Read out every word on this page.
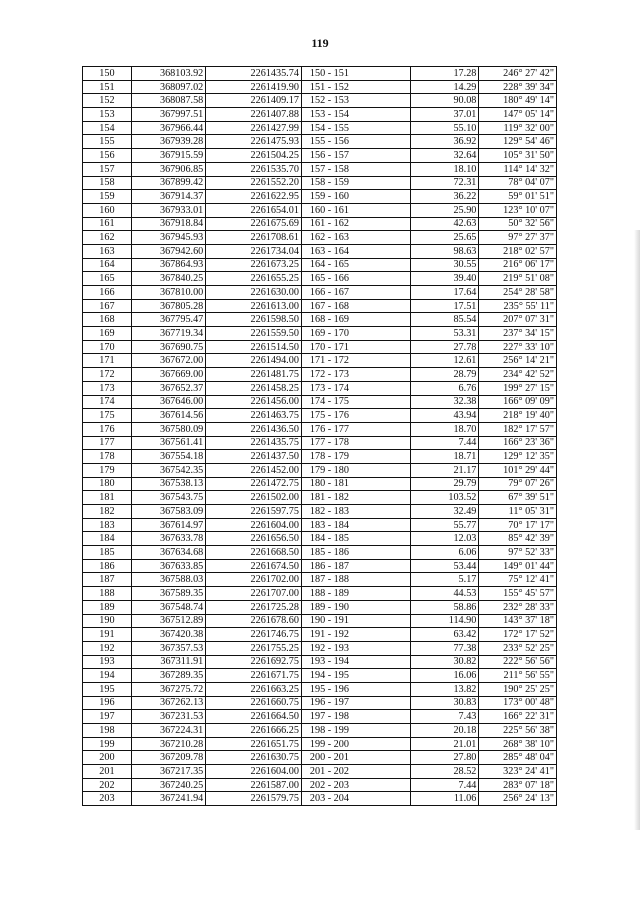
119
150	368103.92	2261435.74	150 - 151	17.28	246° 27' 42"
151	368097.02	2261419.90	151 - 152	14.29	228° 39' 34"
152	368087.58	2261409.17	152 - 153	90.08	180° 49' 14"
153	367997.51	2261407.88	153 - 154	37.01	147° 05' 14"
154	367966.44	2261427.99	154 - 155	55.10	119° 32' 00"
155	367939.28	2261475.93	155 - 156	36.92	129° 54' 46"
156	367915.59	2261504.25	156 - 157	32.64	105° 31' 50"
157	367906.85	2261535.70	157 - 158	18.10	114° 14' 32"
158	367899.42	2261552.20	158 - 159	72.31	78° 04' 07"
159	367914.37	2261622.95	159 - 160	36.22	59° 01' 51"
160	367933.01	2261654.01	160 - 161	25.90	123° 10' 07"
161	367918.84	2261675.69	161 - 162	42.63	50° 32' 56"
162	367945.93	2261708.61	162 - 163	25.65	97° 27' 37"
163	367942.60	2261734.04	163 - 164	98.63	218° 02' 57"
164	367864.93	2261673.25	164 - 165	30.55	216° 06' 17"
165	367840.25	2261655.25	165 - 166	39.40	219° 51' 08"
166	367810.00	2261630.00	166 - 167	17.64	254° 28' 58"
167	367805.28	2261613.00	167 - 168	17.51	235° 55' 11"
168	367795.47	2261598.50	168 - 169	85.54	207° 07' 31"
169	367719.34	2261559.50	169 - 170	53.31	237° 34' 15"
170	367690.75	2261514.50	170 - 171	27.78	227° 33' 10"
171	367672.00	2261494.00	171 - 172	12.61	256° 14' 21"
172	367669.00	2261481.75	172 - 173	28.79	234° 42' 52"
173	367652.37	2261458.25	173 - 174	6.76	199° 27' 15"
174	367646.00	2261456.00	174 - 175	32.38	166° 09' 09"
175	367614.56	2261463.75	175 - 176	43.94	218° 19' 40"
176	367580.09	2261436.50	176 - 177	18.70	182° 17' 57"
177	367561.41	2261435.75	177 - 178	7.44	166° 23' 36"
178	367554.18	2261437.50	178 - 179	18.71	129° 12' 35"
179	367542.35	2261452.00	179 - 180	21.17	101° 29' 44"
180	367538.13	2261472.75	180 - 181	29.79	79° 07' 26"
181	367543.75	2261502.00	181 - 182	103.52	67° 39' 51"
182	367583.09	2261597.75	182 - 183	32.49	11° 05' 31"
183	367614.97	2261604.00	183 - 184	55.77	70° 17' 17"
184	367633.78	2261656.50	184 - 185	12.03	85° 42' 39"
185	367634.68	2261668.50	185 - 186	6.06	97° 52' 33"
186	367633.85	2261674.50	186 - 187	53.44	149° 01' 44"
187	367588.03	2261702.00	187 - 188	5.17	75° 12' 41"
188	367589.35	2261707.00	188 - 189	44.53	155° 45' 57"
189	367548.74	2261725.28	189 - 190	58.86	232° 28' 33"
190	367512.89	2261678.60	190 - 191	114.90	143° 37' 18"
191	367420.38	2261746.75	191 - 192	63.42	172° 17' 52"
192	367357.53	2261755.25	192 - 193	77.38	233° 52' 25"
193	367311.91	2261692.75	193 - 194	30.82	222° 56' 56"
194	367289.35	2261671.75	194 - 195	16.06	211° 56' 55"
195	367275.72	2261663.25	195 - 196	13.82	190° 25' 25"
196	367262.13	2261660.75	196 - 197	30.83	173° 00' 48"
197	367231.53	2261664.50	197 - 198	7.43	166° 22' 31"
198	367224.31	2261666.25	198 - 199	20.18	225° 56' 38"
199	367210.28	2261651.75	199 - 200	21.01	268° 38' 10"
200	367209.78	2261630.75	200 - 201	27.80	285° 48' 04"
201	367217.35	2261604.00	201 - 202	28.52	323° 24' 41"
202	367240.25	2261587.00	202 - 203	7.44	283° 07' 18"
203	367241.94	2261579.75	203 - 204	11.06	256° 24' 13"
